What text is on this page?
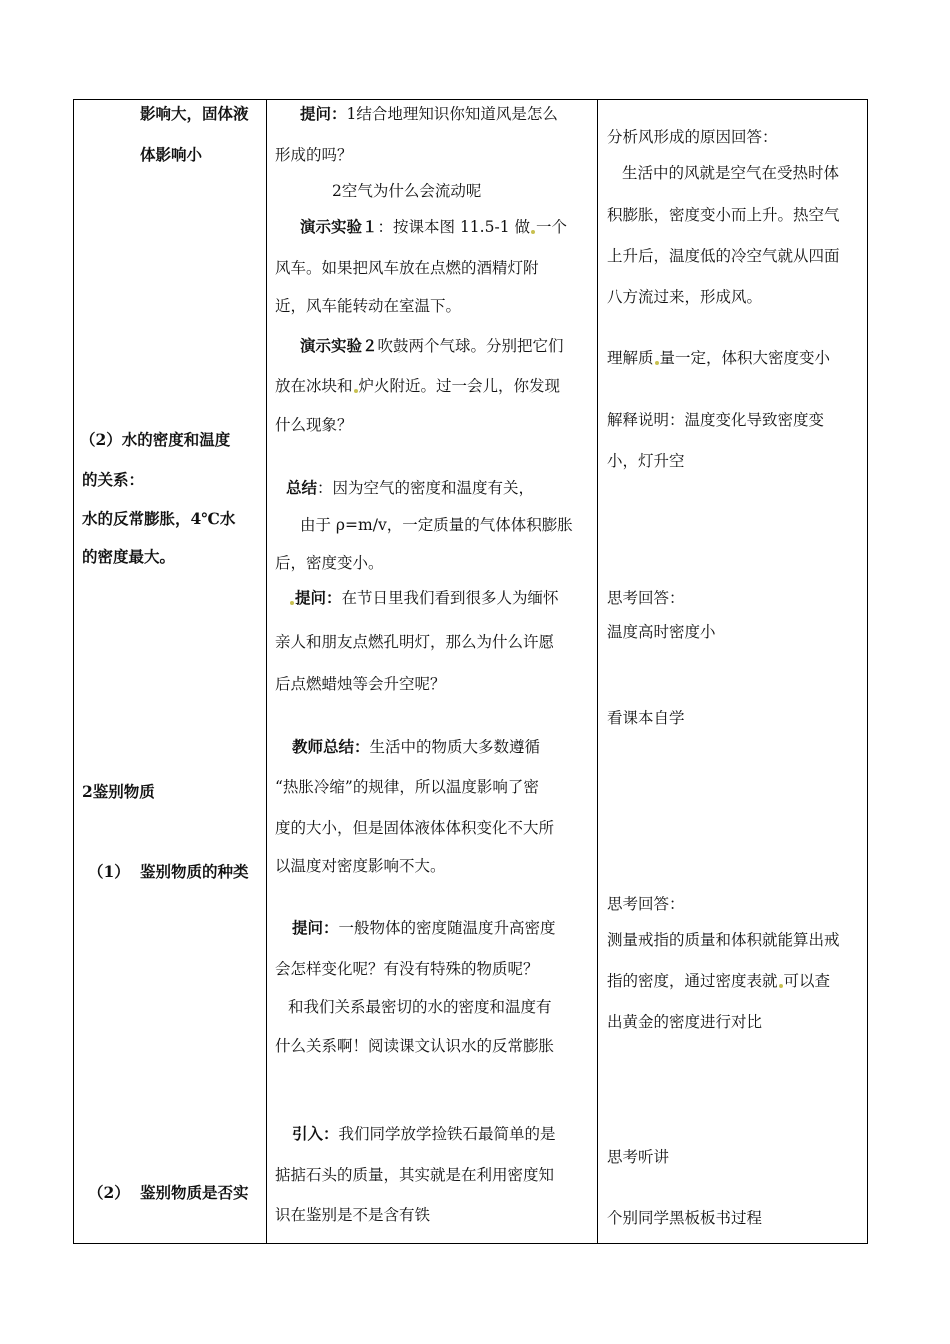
影响大，固体液
体影响小
（2）水的密度和温度
的关系：
水的反常膨胀，4℃水
的密度最大。
2鉴别物质
（1） 鉴别物质的种类
（2） 鉴别物质是否实
提问：1结合地理知识你知道风是怎么
形成的吗？
2空气为什么会流动呢
演示实验１：按课本图 11.5-1 做 一个
风车。如果把风车放在点燃的酒精灯附
近，风车能转动在室温下。
演示实验２吹鼓两个气球。分别把它们
放在冰块和 炉火附近。过一会儿，你发现
什么现象？
总结：因为空气的密度和温度有关，
由于 ρ=m/v，一定质量的气体体积膨胀
后，密度变小。
提问：在节日里我们看到很多人为缅怀
亲人和朋友点燃孔明灯，那么为什么许愿
后点燃蜡烛等会升空呢？
教师总结：生活中的物质大多数遵循
“热胀冷缩”的规律，所以温度影响了密
度的大小，但是固体液体体积变化不大所
以温度对密度影响不大。
提问：一般物体的密度随温度升高密度
会怎样变化呢？有没有特殊的物质呢？
和我们关系最密切的水的密度和温度有
什么关系啊！阅读课文认识水的反常膨胀
引入：我们同学放学捡铁石最简单的是
掂掂石头的质量，其实就是在利用密度知
识在鉴别是不是含有铁
分析风形成的原因回答：
生活中的风就是空气在受热时体
积膨胀，密度变小而上升。热空气
上升后，温度低的冷空气就从四面
八方流过来，形成风。
理解质 量一定，体积大密度变小
解释说明：温度变化导致密度变
小，灯升空
思考回答：
温度高时密度小
看课本自学
思考回答：
测量戒指的质量和体积就能算出戒
指的密度，通过密度表就 可以查
出黄金的密度进行对比
思考听讲
个别同学黑板板书过程
